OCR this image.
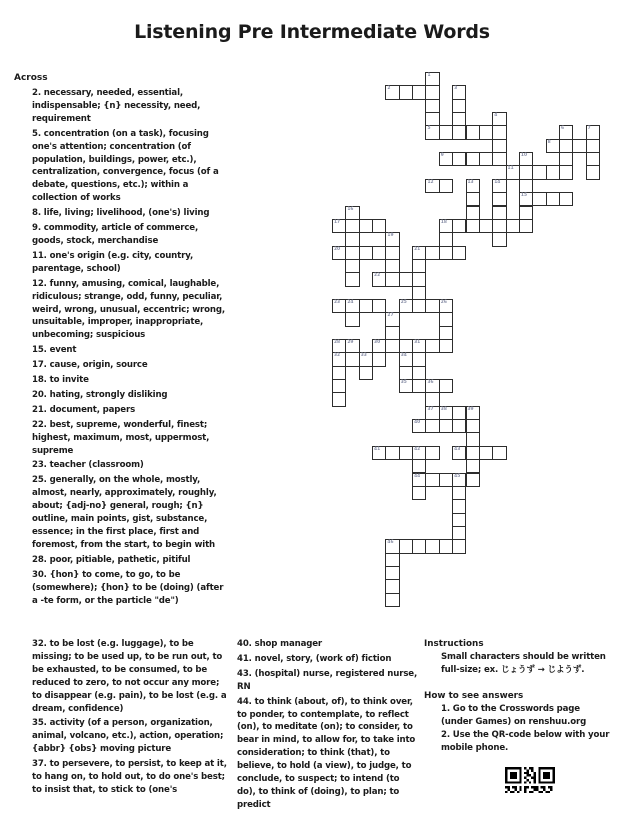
Listening Pre Intermediate Words
Across
2. necessary, needed, essential, indispensable; {n} necessity, need, requirement
5. concentration (on a task), focusing one's attention; concentration (of population, buildings, power, etc.), centralization, convergence, focus (of a debate, questions, etc.); within a collection of works
8. life, living; livelihood, (one's) living
9. commodity, article of commerce, goods, stock, merchandise
11. one's origin (e.g. city, country, parentage, school)
12. funny, amusing, comical, laughable, ridiculous; strange, odd, funny, peculiar, weird, wrong, unusual, eccentric; wrong, unsuitable, improper, inappropriate, unbecoming; suspicious
15. event
17. cause, origin, source
18. to invite
20. hating, strongly disliking
21. document, papers
22. best, supreme, wonderful, finest; highest, maximum, most, uppermost, supreme
23. teacher (classroom)
25. generally, on the whole, mostly, almost, nearly, approximately, roughly, about; {adj-no} general, rough; {n} outline, main points, gist, substance, essence; in the first place, first and foremost, from the start, to begin with
28. poor, pitiable, pathetic, pitiful
30. {hon} to come, to go, to be (somewhere); {hon} to be (doing) (after a -te form, or the particle "de")
1
2	3
4
5	6	7
8
9	10
11
12	13	14
15
16
17	18
19
20	21
22
23 24	25	26
27
28 29	30	31
32	33	34
35	36
37 38	39
40
41	42	43
44	45
46
32. to be lost (e.g. luggage), to be missing; to be used up, to be run out, to be exhausted, to be consumed, to be reduced to zero, to not occur any more; to disappear (e.g. pain), to be lost (e.g. a dream, confidence)
35. activity (of a person, organization, animal, volcano, etc.), action, operation; {abbr} {obs} moving picture
37. to persevere, to persist, to keep at it, to hang on, to hold out, to do one's best; to insist that, to stick to (one's
40. shop manager
41. novel, story, (work of) fiction
43. (hospital) nurse, registered nurse, RN
44. to think (about, of), to think over, to ponder, to contemplate, to reflect (on), to meditate (on); to consider, to bear in mind, to allow for, to take into consideration; to think (that), to believe, to hold (a view), to judge, to conclude, to suspect; to intend (to do), to think of (doing), to plan; to predict
Instructions
Small characters should be written full-size; ex. じょうず → じようず.
How to see answers
1. Go to the Crosswords page (under Games) on renshuu.org
2. Use the QR-code below with your mobile phone.
